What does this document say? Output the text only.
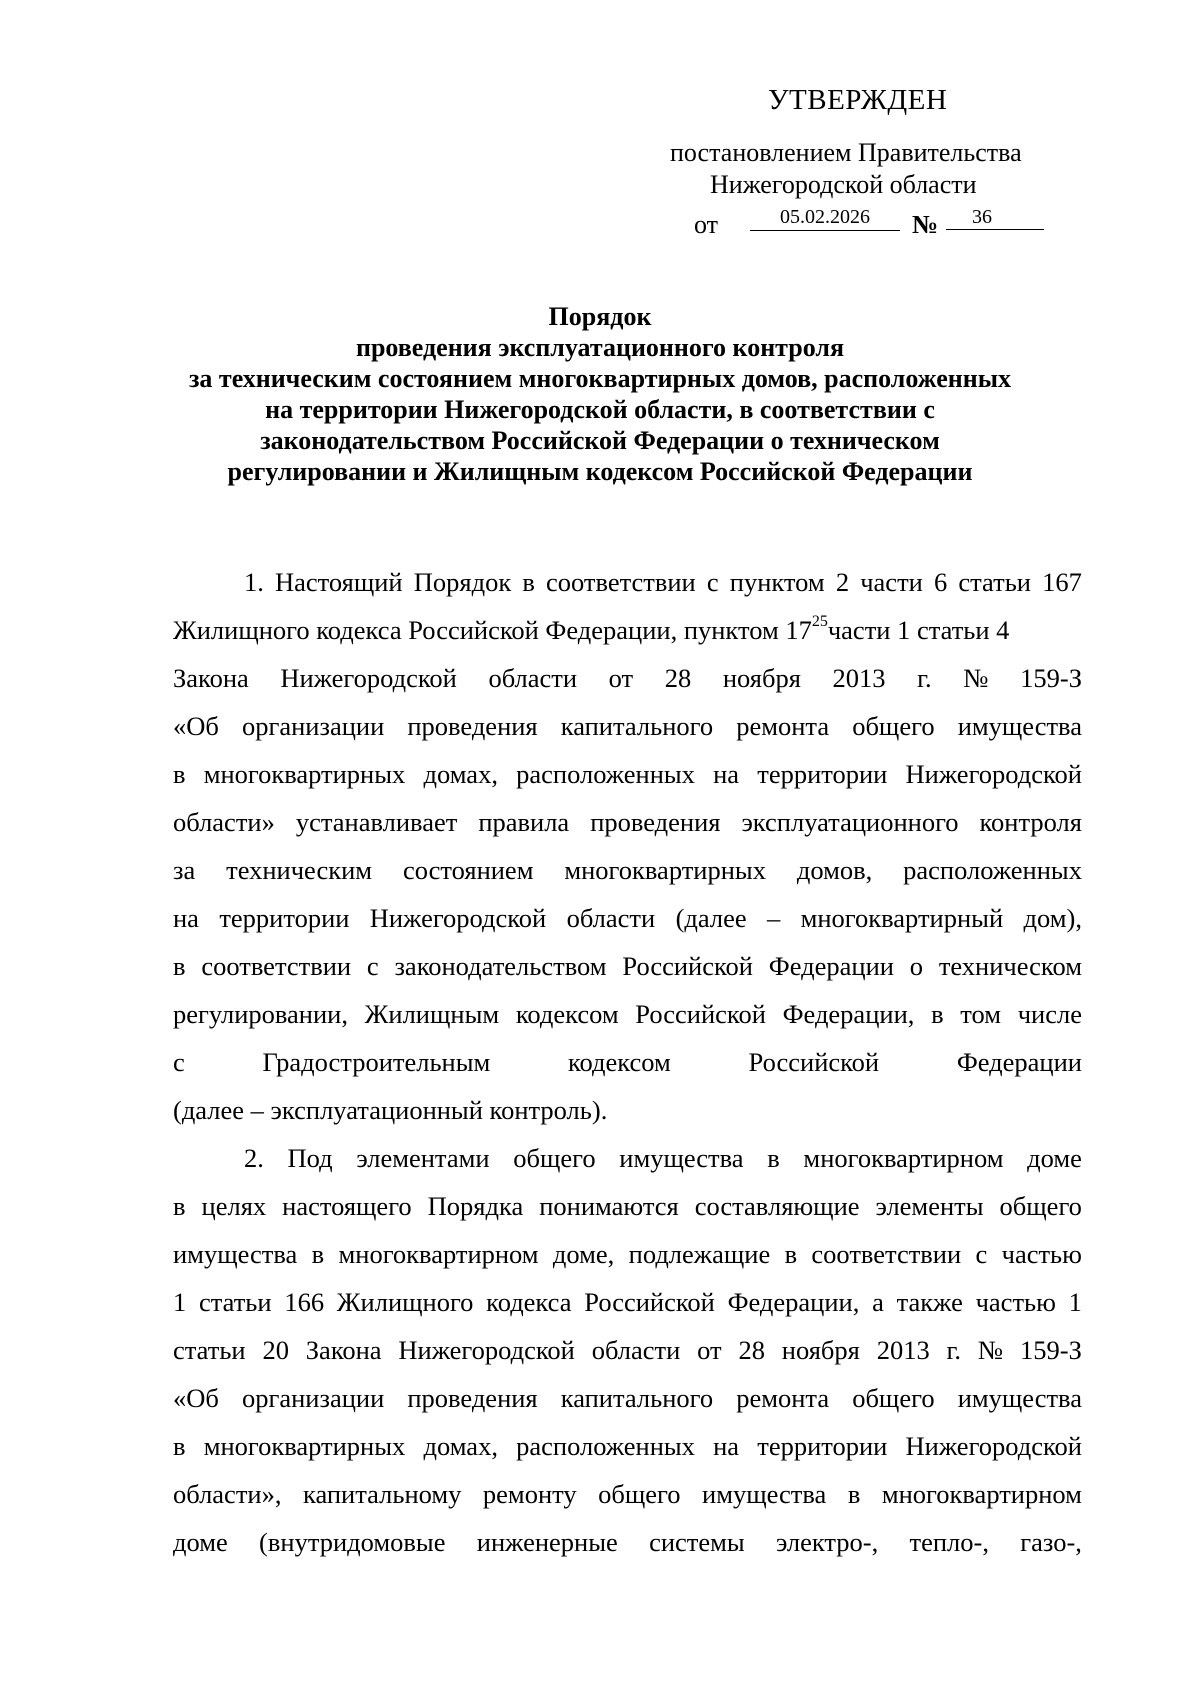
УТВЕРЖДЕН
постановлением Правительства
Нижегородской области
от	05.02.2026	№	36
Порядок
проведения эксплуатационного контроля
за техническим состоянием многоквартирных домов, расположенных
на территории Нижегородской области, в соответствии с
законодательством Российской Федерации о техническом
регулировании и Жилищным кодексом Российской Федерации
1. Настоящий Порядок в соответствии с пунктом 2 части 6 статьи 167
Жилищного кодекса Российской Федерации, пунктом $17^{25}части$ 1 статьи 4
Закона Нижегородской области от 28 ноября 2013 г. № 159-З
«Об организации проведения капитального ремонта общего имущества
в многоквартирных домах, расположенных на территории Нижегородской
области» устанавливает правила проведения эксплуатационного контроля
за техническим состоянием многоквартирных домов, расположенных
на территории Нижегородской области (далее – многоквартирный дом),
в соответствии с законодательством Российской Федерации о техническом
регулировании, Жилищным кодексом Российской Федерации, в том числе
с	Градостроительным	кодексом	Российской	Федерации
(далее – эксплуатационный контроль).
2. Под элементами общего имущества в многоквартирном доме
в целях настоящего Порядка понимаются составляющие элементы общего
имущества в многоквартирном доме, подлежащие в соответствии с частью
1 статьи 166 Жилищного кодекса Российской Федерации, а также частью 1
статьи 20 Закона Нижегородской области от 28 ноября 2013 г. № 159-З
«Об организации проведения капитального ремонта общего имущества
в многоквартирных домах, расположенных на территории Нижегородской
области», капитальному ремонту общего имущества в многоквартирном
доме (внутридомовые инженерные системы электро-, тепло-, газо-,
